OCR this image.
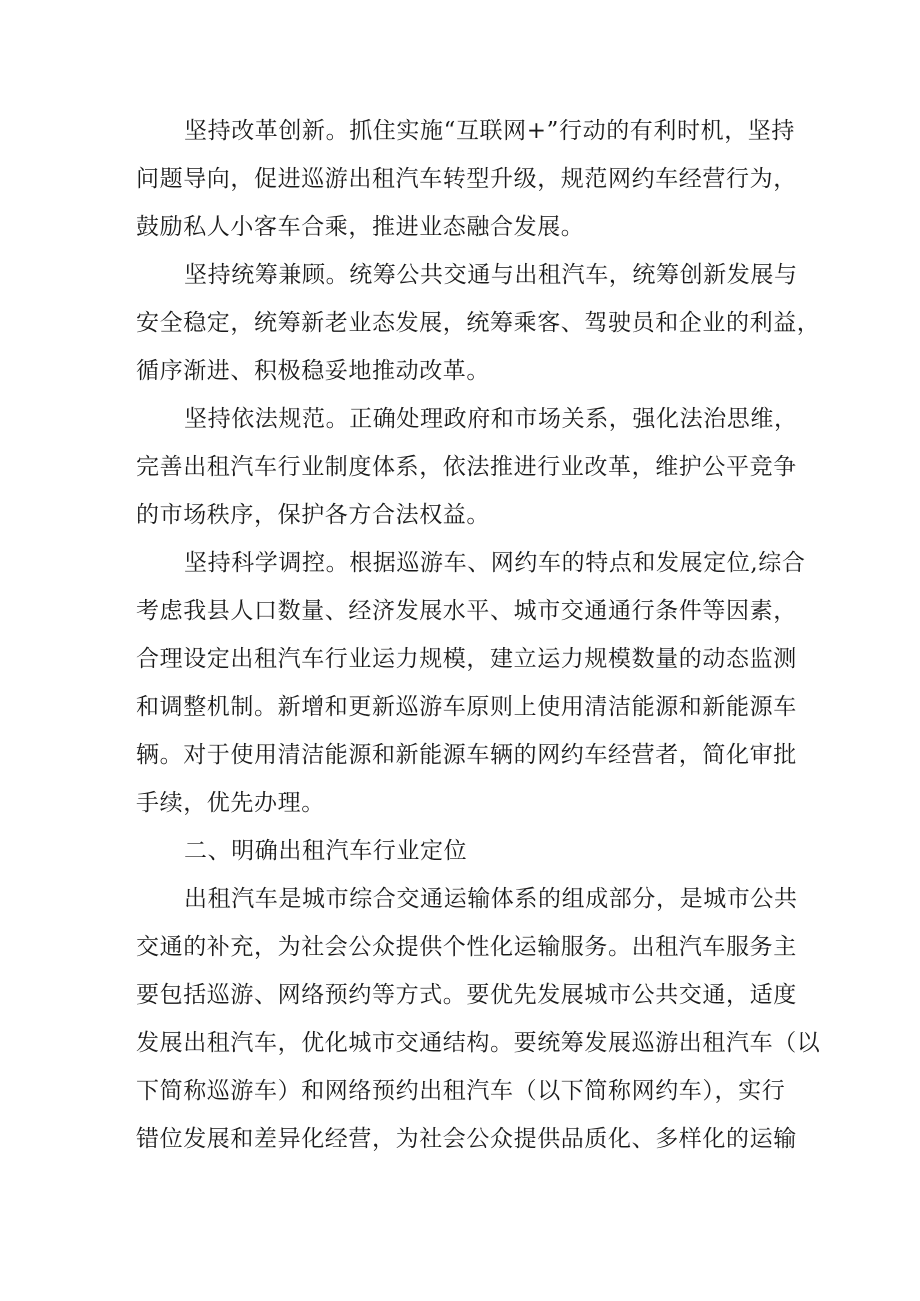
坚持改革创新。抓住实施“互联网+”行动的有利时机，坚持
问题导向，促进巡游出租汽车转型升级，规范网约车经营行为，
鼓励私人小客车合乘，推进业态融合发展。
坚持统筹兼顾。统筹公共交通与出租汽车，统筹创新发展与
安全稳定，统筹新老业态发展，统筹乘客、驾驶员和企业的利益，
循序渐进、积极稳妥地推动改革。
坚持依法规范。正确处理政府和市场关系，强化法治思维，
完善出租汽车行业制度体系，依法推进行业改革，维护公平竞争
的市场秩序，保护各方合法权益。
坚持科学调控。根据巡游车、网约车的特点和发展定位,综合
考虑我县人口数量、经济发展水平、城市交通通行条件等因素，
合理设定出租汽车行业运力规模，建立运力规模数量的动态监测
和调整机制。新增和更新巡游车原则上使用清洁能源和新能源车
辆。对于使用清洁能源和新能源车辆的网约车经营者，简化审批
手续，优先办理。
二、明确出租汽车行业定位
出租汽车是城市综合交通运输体系的组成部分，是城市公共
交通的补充，为社会公众提供个性化运输服务。出租汽车服务主
要包括巡游、网络预约等方式。要优先发展城市公共交通，适度
发展出租汽车，优化城市交通结构。要统筹发展巡游出租汽车（以
下简称巡游车）和网络预约出租汽车（以下简称网约车），实行
错位发展和差异化经营，为社会公众提供品质化、多样化的运输
